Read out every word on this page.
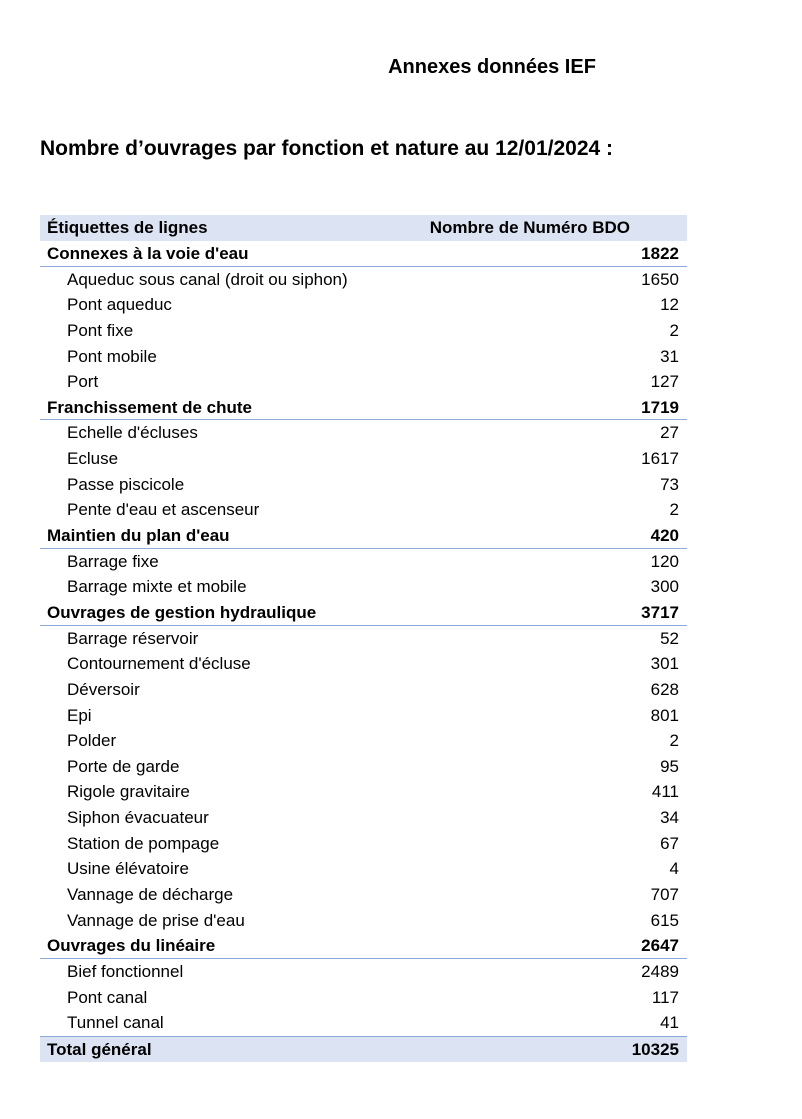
Annexes données IEF
Nombre d’ouvrages par fonction et nature au 12/01/2024 :
Étiquettes de lignes	Nombre de Numéro BDO
Connexes à la voie d'eau	1822
Aqueduc sous canal (droit ou siphon)	1650
Pont aqueduc	12
Pont fixe	2
Pont mobile	31
Port	127
Franchissement de chute	1719
Echelle d'écluses	27
Ecluse	1617
Passe piscicole	73
Pente d'eau et ascenseur	2
Maintien du plan d'eau	420
Barrage fixe	120
Barrage mixte et mobile	300
Ouvrages de gestion hydraulique	3717
Barrage réservoir	52
Contournement d'écluse	301
Déversoir	628
Epi	801
Polder	2
Porte de garde	95
Rigole gravitaire	411
Siphon évacuateur	34
Station de pompage	67
Usine élévatoire	4
Vannage de décharge	707
Vannage de prise d'eau	615
Ouvrages du linéaire	2647
Bief fonctionnel	2489
Pont canal	117
Tunnel canal	41
Total général	10325
